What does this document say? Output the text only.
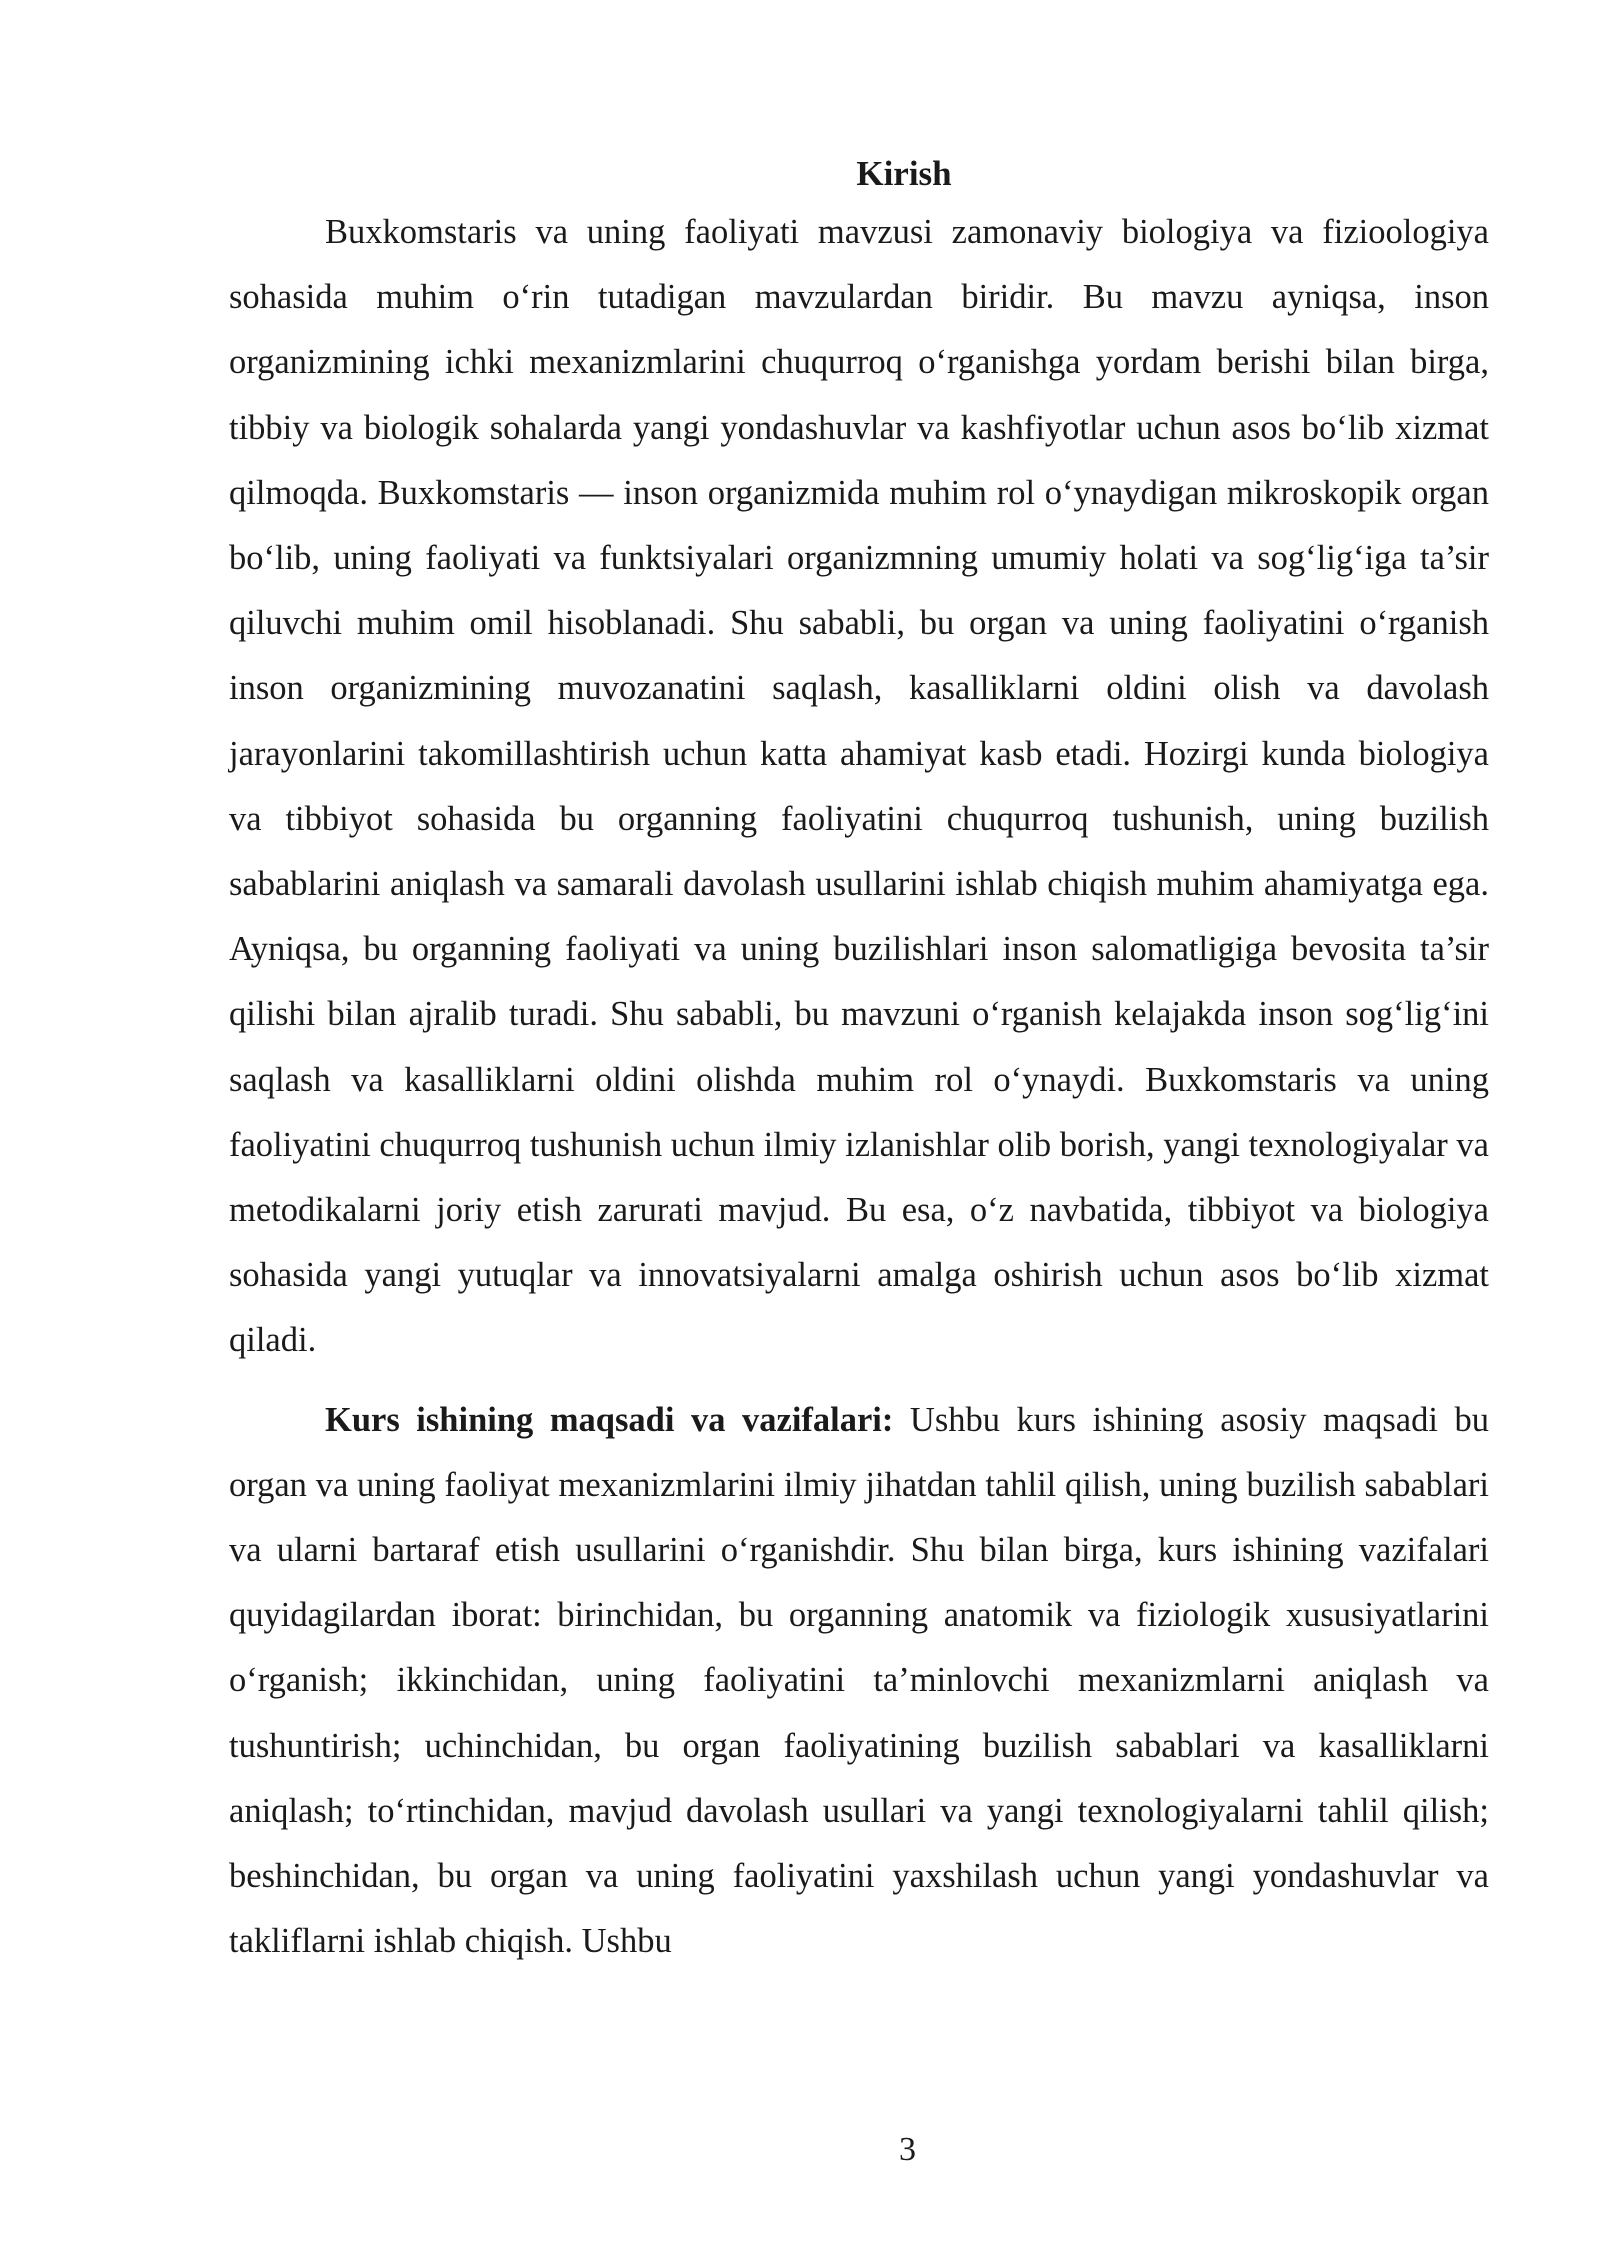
Kirish

Buxkomstaris va uning faoliyati mavzusi zamonaviy biologiya va fizioologiya sohasida muhim o‘rin tutadigan mavzulardan biridir. Bu mavzu ayniqsa, inson organizmining ichki mexanizmlarini chuqurroq o‘rganishga yordam berishi bilan birga, tibbiy va biologik sohalarda yangi yondashuvlar va kashfiyotlar uchun asos bo‘lib xizmat qilmoqda. Buxkomstaris — inson organizmida muhim rol o‘ynaydigan mikroskopik organ bo‘lib, uning faoliyati va funktsiyalari organizmning umumiy holati va sog‘lig‘iga ta’sir qiluvchi muhim omil hisoblanadi. Shu sababli, bu organ va uning faoliyatini o‘rganish inson organizmining muvozanatini saqlash, kasalliklarni oldini olish va davolash jarayonlarini takomillashtirish uchun katta ahamiyat kasb etadi. Hozirgi kunda biologiya va tibbiyot sohasida bu organning faoliyatini chuqurroq tushunish, uning buzilish sabablarini aniqlash va samarali davolash usullarini ishlab chiqish muhim ahamiyatga ega. Ayniqsa, bu organning faoliyati va uning buzilishlari inson salomatligiga bevosita ta’sir qilishi bilan ajralib turadi. Shu sababli, bu mavzuni o‘rganish kelajakda inson sog‘lig‘ini saqlash va kasalliklarni oldini olishda muhim rol o‘ynaydi. Buxkomstaris va uning faoliyatini chuqurroq tushunish uchun ilmiy izlanishlar olib borish, yangi texnologiyalar va metodikalarni joriy etish zarurati mavjud. Bu esa, o‘z navbatida, tibbiyot va biologiya sohasida yangi yutuqlar va innovatsiyalarni amalga oshirish uchun asos bo‘lib xizmat qiladi.

Kurs ishining maqsadi va vazifalari: Ushbu kurs ishining asosiy maqsadi bu organ va uning faoliyat mexanizmlarini ilmiy jihatdan tahlil qilish, uning buzilish sabablari va ularni bartaraf etish usullarini o‘rganishdir. Shu bilan birga, kurs ishining vazifalari quyidagilardan iborat: birinchidan, bu organning anatomik va fiziologik xususiyatlarini o‘rganish; ikkinchidan, uning faoliyatini ta’minlovchi mexanizmlarni aniqlash va tushuntirish; uchinchidan, bu organ faoliyatining buzilish sabablari va kasalliklarni aniqlash; to‘rtinchidan, mavjud davolash usullari va yangi texnologiyalarni tahlil qilish; beshinchidan, bu organ va uning faoliyatini yaxshilash uchun yangi yondashuvlar va takliflarni ishlab chiqish. Ushbu

3
